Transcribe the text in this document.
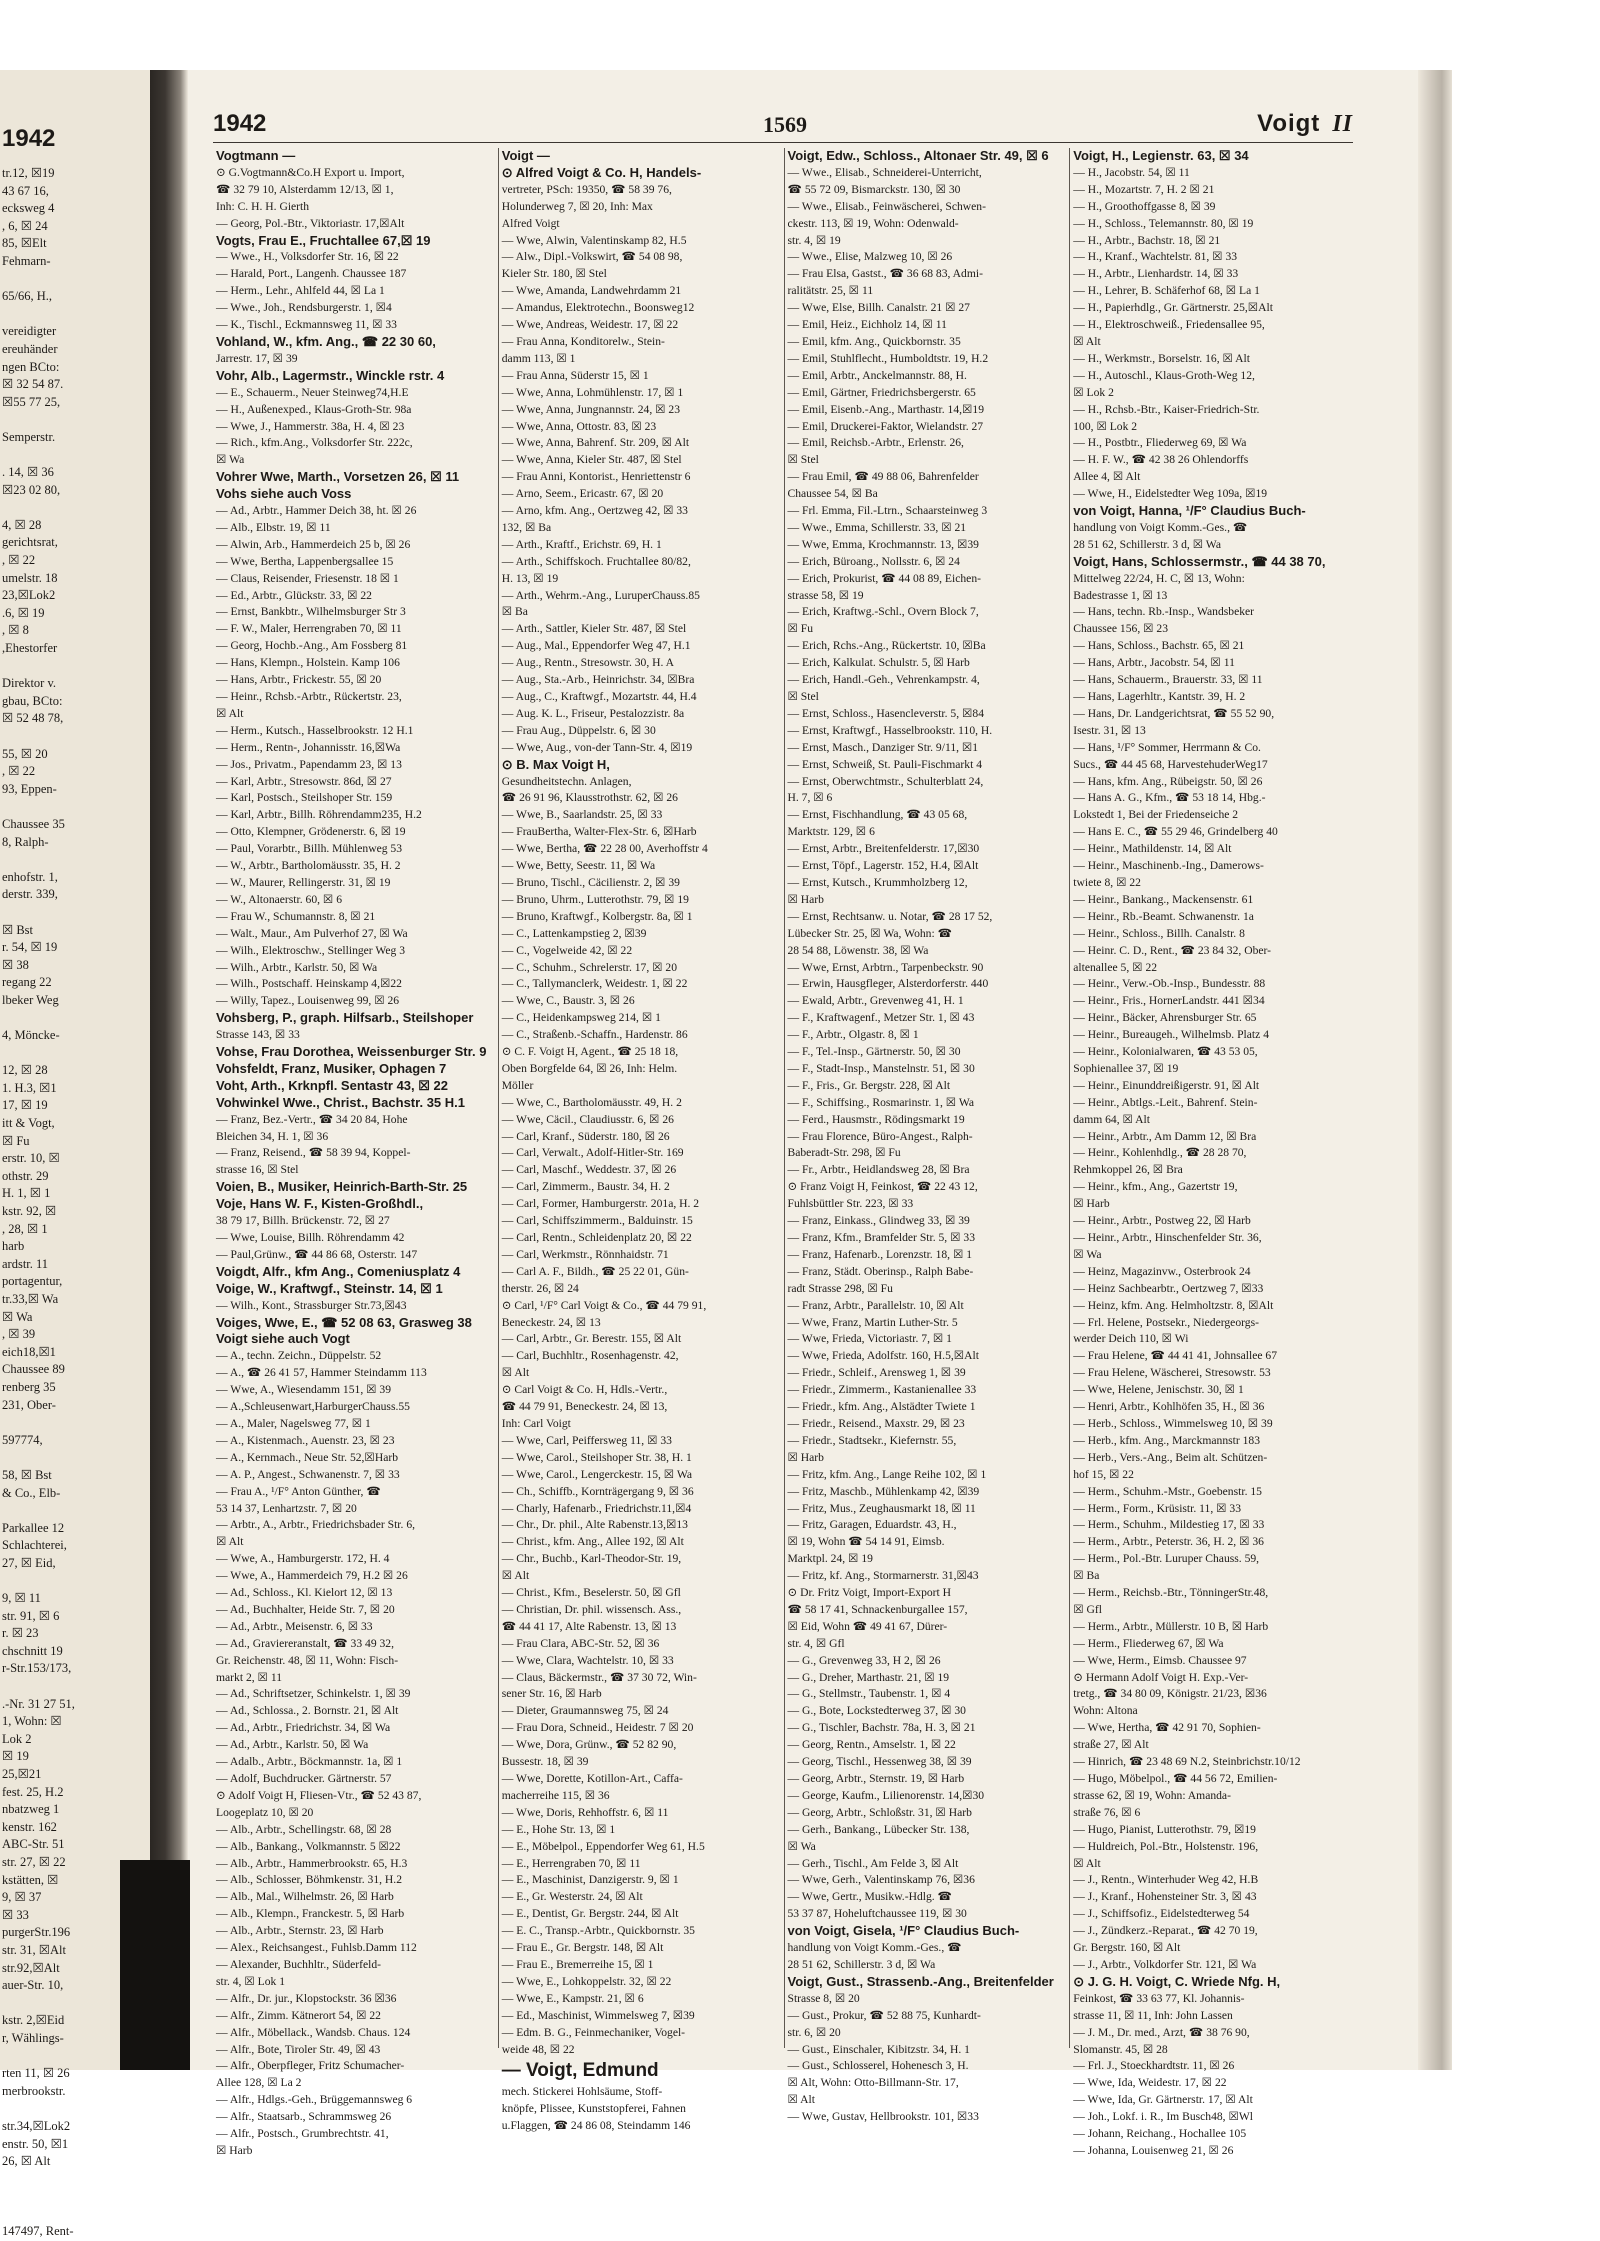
1942
tr.12, ☒19
43 67 16,
ecksweg 4
, 6, ☒ 24
85, ☒Elt
Fehmarn-

65/66, H.,

vereidigter
ereuhänder
ngen BCto:
☒ 32 54 87.
☒55 77 25,

Semperstr.

. 14, ☒ 36
☒23 02 80,

4, ☒ 28
gerichtsrat,
, ☒ 22
umelstr. 18
23,☒Lok2
.6, ☒ 19
, ☒ 8
,Ehestorfer

Direktor v.
gbau, BCto:
☒ 52 48 78,

55, ☒ 20
, ☒ 22
93, Eppen-

Chaussee 35
8, Ralph-

enhofstr. 1,
derstr. 339,

☒ Bst
r. 54, ☒ 19
☒ 38
regang 22
lbeker Weg

4, Möncke-

12, ☒ 28
1. H.3, ☒1
17, ☒ 19
itt & Vogt,
☒ Fu
erstr. 10, ☒
othstr. 29
H. 1, ☒ 1
kstr. 92, ☒
, 28, ☒ 1
harb
ardstr. 11
portagentur,
tr.33,☒ Wa
☒ Wa
, ☒ 39
eich18,☒1
Chaussee 89
renberg 35
231, Ober-

597774,

58, ☒ Bst
& Co., Elb-

Parkallee 12
Schlachterei,
27, ☒ Eid,

9, ☒ 11
str. 91, ☒ 6
r. ☒ 23
chschnitt 19
r-Str.153/173,

.-Nr. 31 27 51,
1, Wohn: ☒
Lok 2
☒ 19
25,☒21
fest. 25, H.2
nbatzweg 1
kenstr. 162
ABC-Str. 51
str. 27, ☒ 22
kstätten, ☒
9, ☒ 37
☒ 33
purgerStr.196
str. 31, ☒Alt
str.92,☒Alt
auer-Str. 10,

kstr. 2,☒Eid
r, Wählings-

rten 11, ☒ 26
merbrookstr.

str.34,☒Lok2
enstr. 50, ☒1
26, ☒ Alt

147497, Rent-
1942	1569	Voigt II
Vogtmann —
⊙ G.Vogtmann&Co.H Export u. Import,
☎ 32 79 10, Alsterdamm 12/13, ☒ 1,
Inh: C. H. H. Gierth
— Georg, Pol.-Btr., Viktoriastr. 17,☒Alt
Vogts, Frau E., Fruchtallee 67,☒ 19
— Wwe., H., Volksdorfer Str. 16, ☒ 22
— Harald, Port., Langenh. Chaussee 187
— Herm., Lehr., Ahlfeld 44, ☒ La 1
— Wwe., Joh., Rendsburgerstr. 1, ☒4
— K., Tischl., Eckmannsweg 11, ☒ 33
Vohland, W., kfm. Ang., ☎ 22 30 60,
Jarrestr. 17, ☒ 39
Vohr, Alb., Lagermstr., Winckle rstr. 4
— E., Schauerm., Neuer Steinweg74,H.E
— H., Außenexped., Klaus-Groth-Str. 98a
— Wwe, J., Hammerstr. 38a, H. 4, ☒ 23
— Rich., kfm.Ang., Volksdorfer Str. 222c,
☒ Wa
Vohrer Wwe, Marth., Vorsetzen 26, ☒ 11
Vohs siehe auch Voss
— Ad., Arbtr., Hammer Deich 38, ht. ☒ 26
— Alb., Elbstr. 19, ☒ 11
— Alwin, Arb., Hammerdeich 25 b, ☒ 26
— Wwe, Bertha, Lappenbergsallee 15
— Claus, Reisender, Friesenstr. 18 ☒ 1
— Ed., Arbtr., Glückstr. 33, ☒ 22
— Ernst, Bankbtr., Wilhelmsburger Str 3
— F. W., Maler, Herrengraben 70, ☒ 11
— Georg, Hochb.-Ang., Am Fossberg 81
— Hans, Klempn., Holstein. Kamp 106
— Hans, Arbtr., Frickestr. 55, ☒ 20
— Heinr., Rchsb.-Arbtr., Rückertstr. 23,
☒ Alt
— Herm., Kutsch., Hasselbrookstr. 12 H.1
— Herm., Rentn-, Johannisstr. 16,☒Wa
— Jos., Privatm., Papendamm 23, ☒ 13
— Karl, Arbtr., Stresowstr. 86d, ☒ 27
— Karl, Postsch., Steilshoper Str. 159
— Karl, Arbtr., Billh. Röhrendamm235, H.2
— Otto, Klempner, Grödenerstr. 6, ☒ 19
— Paul, Vorarbtr., Billh. Mühlenweg 53
— W., Arbtr., Bartholomäusstr. 35, H. 2
— W., Maurer, Rellingerstr. 31, ☒ 19
— W., Altonaerstr. 60, ☒ 6
— Frau W., Schumannstr. 8, ☒ 21
— Walt., Maur., Am Pulverhof 27, ☒ Wa
— Wilh., Elektroschw., Stellinger Weg 3
— Wilh., Arbtr., Karlstr. 50, ☒ Wa
— Wilh., Postschaff. Heinskamp 4,☒22
— Willy, Tapez., Louisenweg 99, ☒ 26
Vohsberg, P., graph. Hilfsarb., Steilshoper
Strasse 143, ☒ 33
Vohse, Frau Dorothea, Weissenburger Str. 9
Vohsfeldt, Franz, Musiker, Ophagen 7
Voht, Arth., Krknpfl. Sentastr 43, ☒ 22
Vohwinkel Wwe., Christ., Bachstr. 35 H.1
— Franz, Bez.-Vertr., ☎ 34 20 84, Hohe
Bleichen 34, H. 1, ☒ 36
— Franz, Reisend., ☎ 58 39 94, Koppel-
strasse 16, ☒ Stel
Voien, B., Musiker, Heinrich-Barth-Str. 25
Voje, Hans W. F., Kisten-Großhdl.,
38 79 17, Billh. Brückenstr. 72, ☒ 27
— Wwe, Louise, Billh. Röhrendamm 42
— Paul,Grünw., ☎ 44 86 68, Osterstr. 147
Voigdt, Alfr., kfm Ang., Comeniusplatz 4
Voige, W., Kraftwgf., Steinstr. 14, ☒ 1
— Wilh., Kont., Strassburger Str.73,☒43
Voiges, Wwe, E., ☎ 52 08 63, Grasweg 38
Voigt siehe auch Vogt
— A., techn. Zeichn., Düppelstr. 52
— A., ☎ 26 41 57, Hammer Steindamm 113
— Wwe, A., Wiesendamm 151, ☒ 39
— A.,Schleusenwart,HarburgerChauss.55
— A., Maler, Nagelsweg 77, ☒ 1
— A., Kistenmach., Auenstr. 23, ☒ 23
— A., Kernmach., Neue Str. 52,☒Harb
— A. P., Angest., Schwanenstr. 7, ☒ 33
— Frau A., ¹/F° Anton Günther, ☎
53 14 37, Lenhartzstr. 7, ☒ 20
— Arbtr., A., Arbtr., Friedrichsbader Str. 6,
☒ Alt
— Wwe, A., Hamburgerstr. 172, H. 4
— Wwe, A., Hammerdeich 79, H.2 ☒ 26
— Ad., Schloss., Kl. Kielort 12, ☒ 13
— Ad., Buchhalter, Heide Str. 7, ☒ 20
— Ad., Arbtr., Meisenstr. 6, ☒ 33
— Ad., Graviereranstalt, ☎ 33 49 32,
Gr. Reichenstr. 48, ☒ 11, Wohn: Fisch-
markt 2, ☒ 11
— Ad., Schriftsetzer, Schinkelstr. 1, ☒ 39
— Ad., Schlossa., 2. Bornstr. 21, ☒ Alt
— Ad., Arbtr., Friedrichstr. 34, ☒ Wa
— Ad., Arbtr., Karlstr. 50, ☒ Wa
— Adalb., Arbtr., Böckmannstr. 1a, ☒ 1
— Adolf, Buchdrucker. Gärtnerstr. 57
⊙ Adolf Voigt H, Fliesen-Vtr., ☎ 52 43 87,
Loogeplatz 10, ☒ 20
— Alb., Arbtr., Schellingstr. 68, ☒ 28
— Alb., Bankang., Volkmannstr. 5 ☒22
— Alb., Arbtr., Hammerbrookstr. 65, H.3
— Alb., Schlosser, Böhmkenstr. 31, H.2
— Alb., Mal., Wilhelmstr. 26, ☒ Harb
— Alb., Klempn., Franckestr. 5, ☒ Harb
— Alb., Arbtr., Sternstr. 23, ☒ Harb
— Alex., Reichsangest., Fuhlsb.Damm 112
— Alexander, Buchhltr., Süderfeld-
str. 4, ☒ Lok 1
— Alfr., Dr. jur., Klopstockstr. 36 ☒36
— Alfr., Zimm. Kätnerort 54, ☒ 22
— Alfr., Möbellack., Wandsb. Chaus. 124
— Alfr., Bote, Tiroler Str. 49, ☒ 43
— Alfr., Oberpfleger, Fritz Schumacher-
Allee 128, ☒ La 2
— Alfr., Hdlgs.-Geh., Brüggemannsweg 6
— Alfr., Staatsarb., Schrammsweg 26
— Alfr., Postsch., Grumbrechtstr. 41,
☒ Harb
Voigt —
⊙ Alfred Voigt & Co. H, Handels-
vertreter, PSch: 19350, ☎ 58 39 76,
Holunderweg 7, ☒ 20, Inh: Max
Alfred Voigt
— Wwe, Alwin, Valentinskamp 82, H.5
— Alw., Dipl.-Volkswirt, ☎ 54 08 98,
Kieler Str. 180, ☒ Stel
— Wwe, Amanda, Landwehrdamm 21
— Amandus, Elektrotechn., Boonsweg12
— Wwe, Andreas, Weidestr. 17, ☒ 22
— Frau Anna, Konditorelw., Stein-
damm 113, ☒ 1
— Frau Anna, Süderstr 15, ☒ 1
— Wwe, Anna, Lohmühlenstr. 17, ☒ 1
— Wwe, Anna, Jungnannstr. 24, ☒ 23
— Wwe, Anna, Ottostr. 83, ☒ 23
— Wwe, Anna, Bahrenf. Str. 209, ☒ Alt
— Wwe, Anna, Kieler Str. 487, ☒ Stel
— Frau Anni, Kontorist., Henriettenstr 6
— Arno, Seem., Ericastr. 67, ☒ 20
— Arno, kfm. Ang., Oertzweg 42, ☒ 33
132, ☒ Ba
— Arth., Kraftf., Erichstr. 69, H. 1
— Arth., Schiffskoch. Fruchtallee 80/82,
H. 13, ☒ 19
— Arth., Wehrm.-Ang., LuruperChauss.85
☒ Ba
— Arth., Sattler, Kieler Str. 487, ☒ Stel
— Aug., Mal., Eppendorfer Weg 47, H.1
— Aug., Rentn., Stresowstr. 30, H. A
— Aug., Sta.-Arb., Heinrichstr. 34, ☒Bra
— Aug., C., Kraftwgf., Mozartstr. 44, H.4
— Aug. K. L., Friseur, Pestalozzistr. 8a
— Frau Aug., Düppelstr. 6, ☒ 30
— Wwe, Aug., von-der Tann-Str. 4, ☒19
⊙ B. Max Voigt H,
Gesundheitstechn. Anlagen,
☎ 26 91 96, Klausstrothstr. 62, ☒ 26
— Wwe, B., Saarlandstr. 25, ☒ 33
— FrauBertha, Walter-Flex-Str. 6, ☒Harb
— Wwe, Bertha, ☎ 22 28 00, Averhoffstr 4
— Wwe, Betty, Seestr. 11, ☒ Wa
— Bruno, Tischl., Cäcilienstr. 2, ☒ 39
— Bruno, Uhrm., Lutterothstr. 79, ☒ 19
— Bruno, Kraftwgf., Kolbergstr. 8a, ☒ 1
— C., Lattenkampstieg 2, ☒39
— C., Vogelweide 42, ☒ 22
— C., Schuhm., Schrelerstr. 17, ☒ 20
— C., Tallymanclerk, Weidestr. 1, ☒ 22
— Wwe, C., Baustr. 3, ☒ 26
— C., Heidenkampsweg 214, ☒ 1
— C., Straßenb.-Schaffn., Hardenstr. 86
⊙ C. F. Voigt H, Agent., ☎ 25 18 18,
Oben Borgfelde 64, ☒ 26, Inh: Helm.
Möller
— Wwe, C., Bartholomäusstr. 49, H. 2
— Wwe, Cäcil., Claudiusstr. 6, ☒ 26
— Carl, Kranf., Süderstr. 180, ☒ 26
— Carl, Verwalt., Adolf-Hitler-Str. 169
— Carl, Maschf., Weddestr. 37, ☒ 26
— Carl, Zimmerm., Baustr. 34, H. 2
— Carl, Former, Hamburgerstr. 201a, H. 2
— Carl, Schiffszimmerm., Balduinstr. 15
— Carl, Rentn., Schleidenplatz 20, ☒ 22
— Carl, Werkmstr., Rönnhaidstr. 71
— Carl A. F., Bildh., ☎ 25 22 01, Gün-
therstr. 26, ☒ 24
⊙ Carl, ¹/F° Carl Voigt & Co., ☎ 44 79 91,
Beneckestr. 24, ☒ 13
— Carl, Arbtr., Gr. Berestr. 155, ☒ Alt
— Carl, Buchhltr., Rosenhagenstr. 42,
☒ Alt
⊙ Carl Voigt & Co. H, Hdls.-Vertr.,
☎ 44 79 91, Beneckestr. 24, ☒ 13,
Inh: Carl Voigt
— Wwe, Carl, Peiffersweg 11, ☒ 33
— Wwe, Carol., Steilshoper Str. 38, H. 1
— Wwe, Carol., Lengerckestr. 15, ☒ Wa
— Ch., Schiffb., Kornträgergang 9, ☒ 36
— Charly, Hafenarb., Friedrichstr.11,☒4
— Chr., Dr. phil., Alte Rabenstr.13,☒13
— Christ., kfm. Ang., Allee 192, ☒ Alt
— Chr., Buchb., Karl-Theodor-Str. 19,
☒ Alt
— Christ., Kfm., Beselerstr. 50, ☒ Gfl
— Christian, Dr. phil. wissensch. Ass.,
☎ 44 41 17, Alte Rabenstr. 13, ☒ 13
— Frau Clara, ABC-Str. 52, ☒ 36
— Wwe, Clara, Wachtelstr. 10, ☒ 33
— Claus, Bäckermstr., ☎ 37 30 72, Win-
sener Str. 16, ☒ Harb
— Dieter, Graumannsweg 75, ☒ 24
— Frau Dora, Schneid., Heidestr. 7 ☒ 20
— Wwe, Dora, Grünw., ☎ 52 82 90,
Bussestr. 18, ☒ 39
— Wwe, Dorette, Kotillon-Art., Caffa-
macherreihe 115, ☒ 36
— Wwe, Doris, Rehhoffstr. 6, ☒ 11
— E., Hohe Str. 13, ☒ 1
— E., Möbelpol., Eppendorfer Weg 61, H.5
— E., Herrengraben 70, ☒ 11
— E., Maschinist, Danzigerstr. 9, ☒ 1
— E., Gr. Westerstr. 24, ☒ Alt
— E., Dentist, Gr. Bergstr. 244, ☒ Alt
— E. C., Transp.-Arbtr., Quickbornstr. 35
— Frau E., Gr. Bergstr. 148, ☒ Alt
— Frau E., Bremerreihe 15, ☒ 1
— Wwe, E., Lohkoppelstr. 32, ☒ 22
— Wwe, E., Kampstr. 21, ☒ 6
— Ed., Maschinist, Wimmelsweg 7, ☒39
— Edm. B. G., Feinmechaniker, Vogel-
weide 48, ☒ 22
— Voigt, Edmund
mech. Stickerei Hohlsäume, Stoff-
knöpfe, Plissee, Kunststopferei, Fahnen
u.Flaggen, ☎ 24 86 08, Steindamm 146
Voigt, Edw., Schloss., Altonaer Str. 49, ☒ 6
— Wwe., Elisab., Schneiderei-Unterricht,
☎ 55 72 09, Bismarckstr. 130, ☒ 30
— Wwe., Elisab., Feinwäscherei, Schwen-
ckestr. 113, ☒ 19, Wohn: Odenwald-
str. 4, ☒ 19
— Wwe., Elise, Malzweg 10, ☒ 26
— Frau Elsa, Gastst., ☎ 36 68 83, Admi-
ralitätstr. 25, ☒ 11
— Wwe, Else, Billh. Canalstr. 21 ☒ 27
— Emil, Heiz., Eichholz 14, ☒ 11
— Emil, kfm. Ang., Quickbornstr. 35
— Emil, Stuhlflecht., Humboldtstr. 19, H.2
— Emil, Arbtr., Anckelmannstr. 88, H.
— Emil, Gärtner, Friedrichsbergerstr. 65
— Emil, Eisenb.-Ang., Marthastr. 14,☒19
— Emil, Druckerei-Faktor, Wielandstr. 27
— Emil, Reichsb.-Arbtr., Erlenstr. 26,
☒ Stel
— Frau Emil, ☎ 49 88 06, Bahrenfelder
Chaussee 54, ☒ Ba
— Frl. Emma, Fil.-Ltrn., Schaarsteinweg 3
— Wwe., Emma, Schillerstr. 33, ☒ 21
— Wwe, Emma, Krochmannstr. 13, ☒39
— Erich, Büroang., Nollsstr. 6, ☒ 24
— Erich, Prokurist, ☎ 44 08 89, Eichen-
strasse 58, ☒ 19
— Erich, Kraftwg.-Schl., Overn Block 7,
☒ Fu
— Erich, Rchs.-Ang., Rückertstr. 10, ☒Ba
— Erich, Kalkulat. Schulstr. 5, ☒ Harb
— Erich, Handl.-Geh., Vehrenkampstr. 4,
☒ Stel
— Ernst, Schloss., Hasencleverstr. 5, ☒84
— Ernst, Kraftwgf., Hasselbrookstr. 110, H.
— Ernst, Masch., Danziger Str. 9/11, ☒1
— Ernst, Schweiß, St. Pauli-Fischmarkt 4
— Ernst, Oberwchtmstr., Schulterblatt 24,
H. 7, ☒ 6
— Ernst, Fischhandlung, ☎ 43 05 68,
Marktstr. 129, ☒ 6
— Ernst, Arbtr., Breitenfelderstr. 17,☒30
— Ernst, Töpf., Lagerstr. 152, H.4, ☒Alt
— Ernst, Kutsch., Krummholzberg 12,
☒ Harb
— Ernst, Rechtsanw. u. Notar, ☎ 28 17 52,
Lübecker Str. 25, ☒ Wa, Wohn: ☎
28 54 88, Löwenstr. 38, ☒ Wa
— Wwe, Ernst, Arbtrn., Tarpenbeckstr. 90
— Erwin, Hausgfleger, Alsterdorferstr. 440
— Ewald, Arbtr., Grevenweg 41, H. 1
— F., Kraftwagenf., Metzer Str. 1, ☒ 43
— F., Arbtr., Olgastr. 8, ☒ 1
— F., Tel.-Insp., Gärtnerstr. 50, ☒ 30
— F., Stadt-Insp., Manstelnstr. 51, ☒ 30
— F., Fris., Gr. Bergstr. 228, ☒ Alt
— F., Schiffsing., Rosmarinstr. 1, ☒ Wa
— Ferd., Hausmstr., Rödingsmarkt 19
— Frau Florence, Büro-Angest., Ralph-
Baberadt-Str. 298, ☒ Fu
— Fr., Arbtr., Heidlandsweg 28, ☒ Bra
⊙ Franz Voigt H, Feinkost, ☎ 22 43 12,
Fuhlsbüttler Str. 223, ☒ 33
— Franz, Einkass., Glindweg 33, ☒ 39
— Franz, Kfm., Bramfelder Str. 5, ☒ 33
— Franz, Hafenarb., Lorenzstr. 18, ☒ 1
— Franz, Städt. Oberinsp., Ralph Babe-
radt Strasse 298, ☒ Fu
— Franz, Arbtr., Parallelstr. 10, ☒ Alt
— Wwe, Franz, Martin Luther-Str. 5
— Wwe, Frieda, Victoriastr. 7, ☒ 1
— Wwe, Frieda, Adolfstr. 160, H.5,☒Alt
— Friedr., Schleif., Arensweg 1, ☒ 39
— Friedr., Zimmerm., Kastanienallee 33
— Friedr., kfm. Ang., Alstädter Twiete 1
— Friedr., Reisend., Maxstr. 29, ☒ 23
— Friedr., Stadtsekr., Kiefernstr. 55,
☒ Harb
— Fritz, kfm. Ang., Lange Reihe 102, ☒ 1
— Fritz, Maschb., Mühlenkamp 42, ☒39
— Fritz, Mus., Zeughausmarkt 18, ☒ 11
— Fritz, Garagen, Eduardstr. 43, H.,
☒ 19, Wohn ☎ 54 14 91, Eimsb.
Marktpl. 24, ☒ 19
— Fritz, kf. Ang., Stormarnerstr. 31,☒43
⊙ Dr. Fritz Voigt, Import-Export H
☎ 58 17 41, Schnackenburgallee 157,
☒ Eid, Wohn ☎ 49 41 67, Dürer-
str. 4, ☒ Gfl
— G., Grevenweg 33, H 2, ☒ 26
— G., Dreher, Marthastr. 21, ☒ 19
— G., Stellmstr., Taubenstr. 1, ☒ 4
— G., Bote, Lockstedterweg 37, ☒ 30
— G., Tischler, Bachstr. 78a, H. 3, ☒ 21
— Georg, Rentn., Amselstr. 1, ☒ 22
— Georg, Tischl., Hessenweg 38, ☒ 39
— Georg, Arbtr., Sternstr. 19, ☒ Harb
— George, Kaufm., Lilienorenstr. 14,☒30
— Georg, Arbtr., Schloßstr. 31, ☒ Harb
— Gerh., Bankang., Lübecker Str. 138,
☒ Wa
— Gerh., Tischl., Am Felde 3, ☒ Alt
— Wwe, Gerh., Valentinskamp 76, ☒36
— Wwe, Gertr., Musikw.-Hdlg. ☎
53 37 87, Hoheluftchaussee 119, ☒ 30
von Voigt, Gisela, ¹/F° Claudius Buch-
handlung von Voigt Komm.-Ges., ☎
28 51 62, Schillerstr. 3 d, ☒ Wa
Voigt, Gust., Strassenb.-Ang., Breitenfelder
Strasse 8, ☒ 20
— Gust., Prokur, ☎ 52 88 75, Kunhardt-
str. 6, ☒ 20
— Gust., Einschaler, Kibitzstr. 34, H. 1
— Gust., Schlosserel, Hohenesch 3, H.
☒ Alt, Wohn: Otto-Billmann-Str. 17,
☒ Alt
— Wwe, Gustav, Hellbrookstr. 101, ☒33
Voigt, H., Legienstr. 63, ☒ 34
— H., Jacobstr. 54, ☒ 11
— H., Mozartstr. 7, H. 2 ☒ 21
— H., Groothoffgasse 8, ☒ 39
— H., Schloss., Telemannstr. 80, ☒ 19
— H., Arbtr., Bachstr. 18, ☒ 21
— H., Kranf., Wachtelstr. 81, ☒ 33
— H., Arbtr., Lienhardstr. 14, ☒ 33
— H., Lehrer, B. Schäferhof 68, ☒ La 1
— H., Papierhdlg., Gr. Gärtnerstr. 25,☒Alt
— H., Elektroschweiß., Friedensallee 95,
☒ Alt
— H., Werkmstr., Borselstr. 16, ☒ Alt
— H., Autoschl., Klaus-Groth-Weg 12,
☒ Lok 2
— H., Rchsb.-Btr., Kaiser-Friedrich-Str.
100, ☒ Lok 2
— H., Postbtr., Fliederweg 69, ☒ Wa
— H. F. W., ☎ 42 38 26 Ohlendorffs
Allee 4, ☒ Alt
— Wwe, H., Eidelstedter Weg 109a, ☒19
von Voigt, Hanna, ¹/F° Claudius Buch-
handlung von Voigt Komm.-Ges., ☎
28 51 62, Schillerstr. 3 d, ☒ Wa
Voigt, Hans, Schlossermstr., ☎ 44 38 70,
Mittelweg 22/24, H. C, ☒ 13, Wohn:
Badestrasse 1, ☒ 13
— Hans, techn. Rb.-Insp., Wandsbeker
Chaussee 156, ☒ 23
— Hans, Schloss., Bachstr. 65, ☒ 21
— Hans, Arbtr., Jacobstr. 54, ☒ 11
— Hans, Schauerm., Brauerstr. 33, ☒ 11
— Hans, Lagerhltr., Kantstr. 39, H. 2
— Hans, Dr. Landgerichtsrat, ☎ 55 52 90,
Isestr. 31, ☒ 13
— Hans, ¹/F° Sommer, Herrmann & Co.
Sucs., ☎ 44 45 68, HarvestehuderWeg17
— Hans, kfm. Ang., Rübeigstr. 50, ☒ 26
— Hans A. G., Kfm., ☎ 53 18 14, Hbg.-
Lokstedt 1, Bei der Friedenseiche 2
— Hans E. C., ☎ 55 29 46, Grindelberg 40
— Heinr., Mathildenstr. 14, ☒ Alt
— Heinr., Maschinenb.-Ing., Damerows-
twiete 8, ☒ 22
— Heinr., Bankang., Mackensenstr. 61
— Heinr., Rb.-Beamt. Schwanenstr. 1a
— Heinr., Schloss., Billh. Canalstr. 8
— Heinr. C. D., Rent., ☎ 23 84 32, Ober-
altenallee 5, ☒ 22
— Heinr., Verw.-Ob.-Insp., Bundesstr. 88
— Heinr., Fris., HornerLandstr. 441 ☒34
— Heinr., Bäcker, Ahrensburger Str. 65
— Heinr., Bureaugeh., Wilhelmsb. Platz 4
— Heinr., Kolonialwaren, ☎ 43 53 05,
Sophienallee 37, ☒ 19
— Heinr., Einunddreißigerstr. 91, ☒ Alt
— Heinr., Abtlgs.-Leit., Bahrenf. Stein-
damm 64, ☒ Alt
— Heinr., Arbtr., Am Damm 12, ☒ Bra
— Heinr., Kohlenhdlg., ☎ 28 28 70,
Rehmkoppel 26, ☒ Bra
— Heinr., kfm., Ang., Gazertstr 19,
☒ Harb
— Heinr., Arbtr., Postweg 22, ☒ Harb
— Heinr., Arbtr., Hinschenfelder Str. 36,
☒ Wa
— Heinz, Magazinvw., Osterbrook 24
— Heinz Sachbearbtr., Oertzweg 7, ☒33
— Heinz, kfm. Ang. Helmholtzstr. 8, ☒Alt
— Frl. Helene, Postsekr., Niedergeorgs-
werder Deich 110, ☒ Wi
— Frau Helene, ☎ 44 41 41, Johnsallee 67
— Frau Helene, Wäscherei, Stresowstr. 53
— Wwe, Helene, Jenischstr. 30, ☒ 1
— Henri, Arbtr., Kohlhöfen 35, H., ☒ 36
— Herb., Schloss., Wimmelsweg 10, ☒ 39
— Herb., kfm. Ang., Marckmannstr 183
— Herb., Vers.-Ang., Beim alt. Schützen-
hof 15, ☒ 22
— Herm., Schuhm.-Mstr., Goebenstr. 15
— Herm., Form., Krüsistr. 11, ☒ 33
— Herm., Schuhm., Mildestieg 17, ☒ 33
— Herm., Arbtr., Peterstr. 36, H. 2, ☒ 36
— Herm., Pol.-Btr. Luruper Chauss. 59,
☒ Ba
— Herm., Reichsb.-Btr., TönningerStr.48,
☒ Gfl
— Herm., Arbtr., Müllerstr. 10 B, ☒ Harb
— Herm., Fliederweg 67, ☒ Wa
— Wwe, Herm., Eimsb. Chaussee 97
⊙ Hermann Adolf Voigt H. Exp.-Ver-
tretg., ☎ 34 80 09, Königstr. 21/23, ☒36
Wohn: Altona
— Wwe, Hertha, ☎ 42 91 70, Sophien-
straße 27, ☒ Alt
— Hinrich, ☎ 23 48 69 N.2, Steinbrichstr.10/12
— Hugo, Möbelpol., ☎ 44 56 72, Emilien-
strasse 62, ☒ 19, Wohn: Amanda-
straße 76, ☒ 6
— Hugo, Pianist, Lutterothstr. 79, ☒19
— Huldreich, Pol.-Btr., Holstenstr. 196,
☒ Alt
— J., Rentn., Winterhuder Weg 42, H.B
— J., Kranf., Hohensteiner Str. 3, ☒ 43
— J., Schiffsofiz., Eidelstedterweg 54
— J., Zündkerz.-Reparat., ☎ 42 70 19,
Gr. Bergstr. 160, ☒ Alt
— J., Arbtr., Volkdorfer Str. 121, ☒ Wa
⊙ J. G. H. Voigt, C. Wriede Nfg. H,
Feinkost, ☎ 33 63 77, Kl. Johannis-
strasse 11, ☒ 11, Inh: John Lassen
— J. M., Dr. med., Arzt, ☎ 38 76 90,
Slomanstr. 45, ☒ 28
— Frl. J., Stoeckhardtstr. 11, ☒ 26
— Wwe, Ida, Weidestr. 17, ☒ 22
— Wwe, Ida, Gr. Gärtnerstr. 17, ☒ Alt
— Joh., Lokf. i. R., Im Busch48, ☒Wl
— Johann, Reichang., Hochallee 105
— Johanna, Louisenweg 21, ☒ 26
